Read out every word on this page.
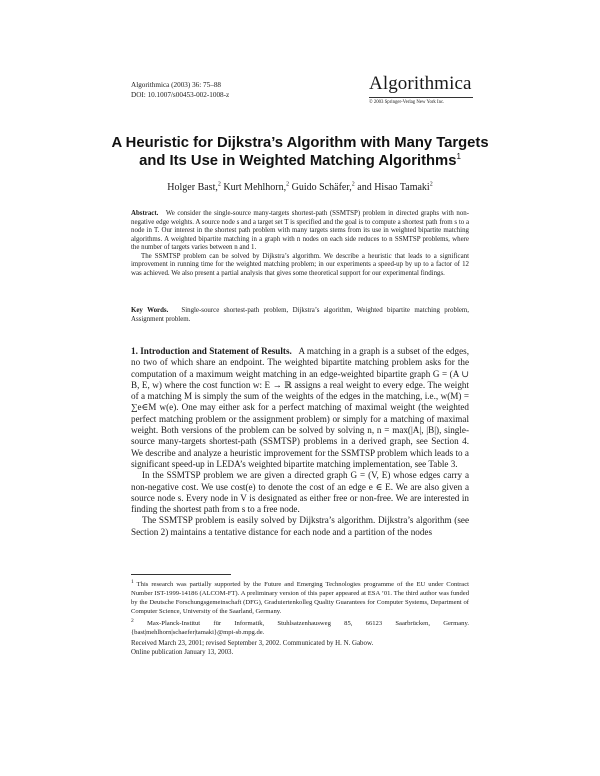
Algorithmica (2003) 36: 75–88
DOI: 10.1007/s00453-002-1008-z
Algorithmica
© 2003 Springer-Verlag New York Inc.
A Heuristic for Dijkstra’s Algorithm with Many Targets
and Its Use in Weighted Matching Algorithms$^1$
Holger Bast,$^2$ Kurt Mehlhorn,$^2$ Guido Schäfer,$^2$ and Hisao Tamaki$^2$

Abstract. We consider the single-source many-targets shortest-path (SSMTSP) problem in directed graphs with non-negative edge weights. A source node s and a target set T is specified and the goal is to compute a shortest path from s to a node in T. Our interest in the shortest path problem with many targets stems from its use in weighted bipartite matching algorithms. A weighted bipartite matching in a graph with n nodes on each side reduces to n SSMTSP problems, where the number of targets varies between n and 1.

The SSMTSP problem can be solved by Dijkstra’s algorithm. We describe a heuristic that leads to a significant improvement in running time for the weighted matching problem; in our experiments a speed-up by up to a factor of 12 was achieved. We also present a partial analysis that gives some theoretical support for our experimental findings.

Key Words. Single-source shortest-path problem, Dijkstra’s algorithm, Weighted bipartite matching problem, Assignment problem.

1. Introduction and Statement of Results. A matching in a graph is a subset of the edges, no two of which share an endpoint. The weighted bipartite matching problem asks for the computation of a maximum weight matching in an edge-weighted bipartite graph G = (A ∪ B, E, w) where the cost function w: E → ℝ assigns a real weight to every edge. The weight of a matching M is simply the sum of the weights of the edges in the matching, i.e., w(M) = ∑e∈M w(e). One may either ask for a perfect matching of maximal weight (the weighted perfect matching problem or the assignment problem) or simply for a matching of maximal weight. Both versions of the problem can be solved by solving n, n = max(|A|, |B|), single-source many-targets shortest-path (SSMTSP) problems in a derived graph, see Section 4. We describe and analyze a heuristic improvement for the SSMTSP problem which leads to a significant speed-up in LEDA’s weighted bipartite matching implementation, see Table 3.

In the SSMTSP problem we are given a directed graph G = (V, E) whose edges carry a non-negative cost. We use cost(e) to denote the cost of an edge e ∈ E. We are also given a source node s. Every node in V is designated as either free or non-free. We are interested in finding the shortest path from s to a free node.

The SSMTSP problem is easily solved by Dijkstra’s algorithm. Dijkstra’s algorithm (see Section 2) maintains a tentative distance for each node and a partition of the nodes

$^1$ This research was partially supported by the Future and Emerging Technologies programme of the EU under Contract Number IST-1999-14186 (ALCOM-FT). A preliminary version of this paper appeared at ESA ’01. The third author was funded by the Deutsche Forschungsgemeinschaft (DFG), Graduiertenkolleg Quality Guarantees for Computer Systems, Department of Computer Science, University of the Saarland, Germany.

$^2$ Max-Planck-Institut für Informatik, Stuhlsatzenhausweg 85, 66123 Saarbrücken, Germany. {bast|mehlhorn|schaefer|tamaki}@mpi-sb.mpg.de.

Received March 23, 2001; revised September 3, 2002. Communicated by H. N. Gabow.

Online publication January 13, 2003.
